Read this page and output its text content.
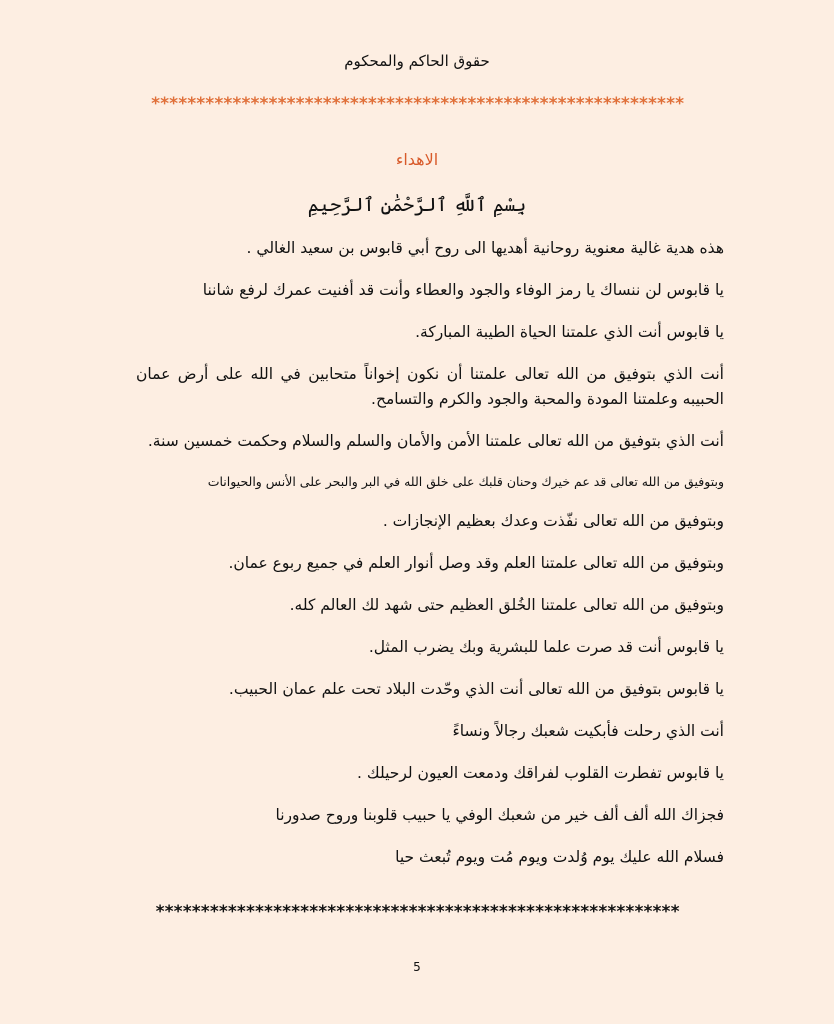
حقوق الحاكم والمحكوم
***********************************************************
الاهداء
بِسْمِ ٱللَّهِ ٱلرَّحْمَٰنِ ٱلرَّحِيمِ

هذه هدية غالية معنوية روحانية أهديها الى روح أبي قابوس بن سعيد الغالي .

يا قابوس لن ننساك يا رمز الوفاء والجود والعطاء وأنت قد أفنيت عمرك لرفع شاننا

يا قابوس أنت الذي علمتنا الحياة الطيبة المباركة.

أنت الذي بتوفيق من الله تعالى علمتنا أن نكون إخواناً متحابين في الله على أرض عمان الحبيبه وعلمتنا المودة والمحبة والجود والكرم والتسامح.

أنت الذي بتوفيق من الله تعالى علمتنا الأمن والأمان والسلم والسلام وحكمت خمسين سنة.

وبتوفيق من الله تعالى قد عم خيرك وحنان قلبك على خلق الله في البر والبحر على الأنس والحيوانات

وبتوفيق من الله تعالى نفّذت وعدك بعظيم الإنجازات .

وبتوفيق من الله تعالى علمتنا العلم وقد وصل أنوار العلم في جميع ربوع عمان.

وبتوفيق من الله تعالى علمتنا الخُلق العظيم حتى شهد لك العالم كله.

يا قابوس أنت قد صرت علما للبشرية وبك يضرب المثل.

يا قابوس بتوفيق من الله تعالى أنت الذي وحّدت البلاد تحت علم عمان الحبيب.

أنت الذي رحلت فأبكيت شعبك رجالاً ونساءً

يا قابوس تفطرت القلوب لفراقك ودمعت العيون لرحيلك .

فجزاك الله ألف ألف خير من شعبك الوفي يا حبيب قلوبنا وروح صدورنا

فسلام الله عليك يوم وُلدت ويوم مُت ويوم تُبعث حيا

**********************************************************
5
